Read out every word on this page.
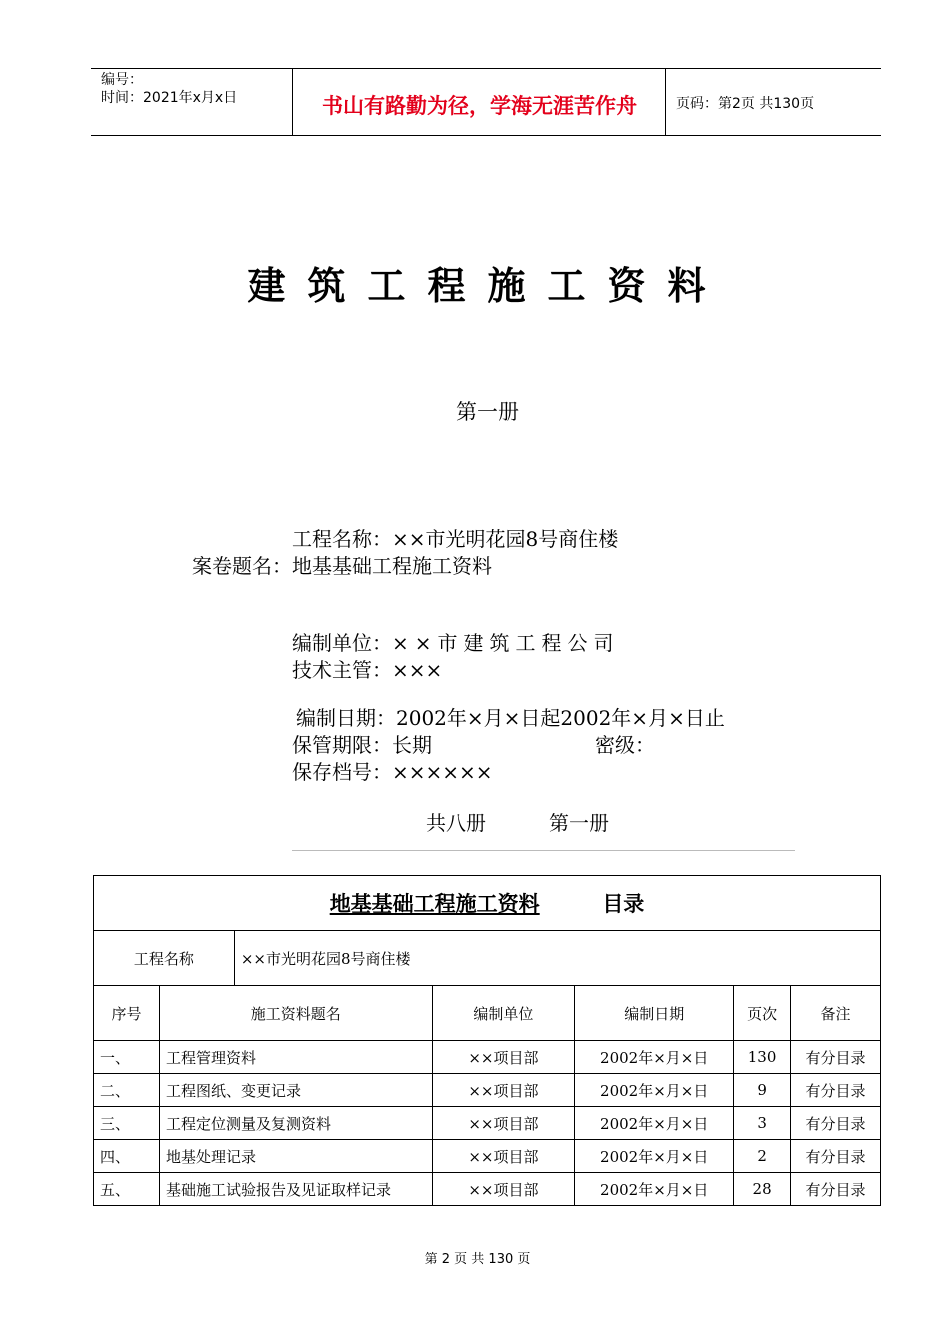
编号：
时间：2021年x月x日	书山有路勤为径，学海无涯苦作舟	页码：第2页 共130页
建筑工程施工资料
第一册
工程名称：××市光明花园8号商住楼
案卷题名：地基基础工程施工资料
编制单位：××市建筑工程公司
技术主管：×××
编制日期：2002年×月×日起2002年×月×日止
保管期限：长期	密级：
保存档号：××××××
共八册	第一册
地基基础工程施工资料 目录						
工程名称		××市光明花园8号商住楼				
序号	施工资料题名		编制单位	编制日期	页次	备注
一、	工程管理资料		××项目部	2002年×月×日	130	有分目录
二、	工程图纸、变更记录		××项目部	2002年×月×日	9	有分目录
三、	工程定位测量及复测资料		××项目部	2002年×月×日	3	有分目录
四、	地基处理记录		××项目部	2002年×月×日	2	有分目录
五、	基础施工试验报告及见证取样记录		××项目部	2002年×月×日	28	有分目录
第 2 页 共 130 页
